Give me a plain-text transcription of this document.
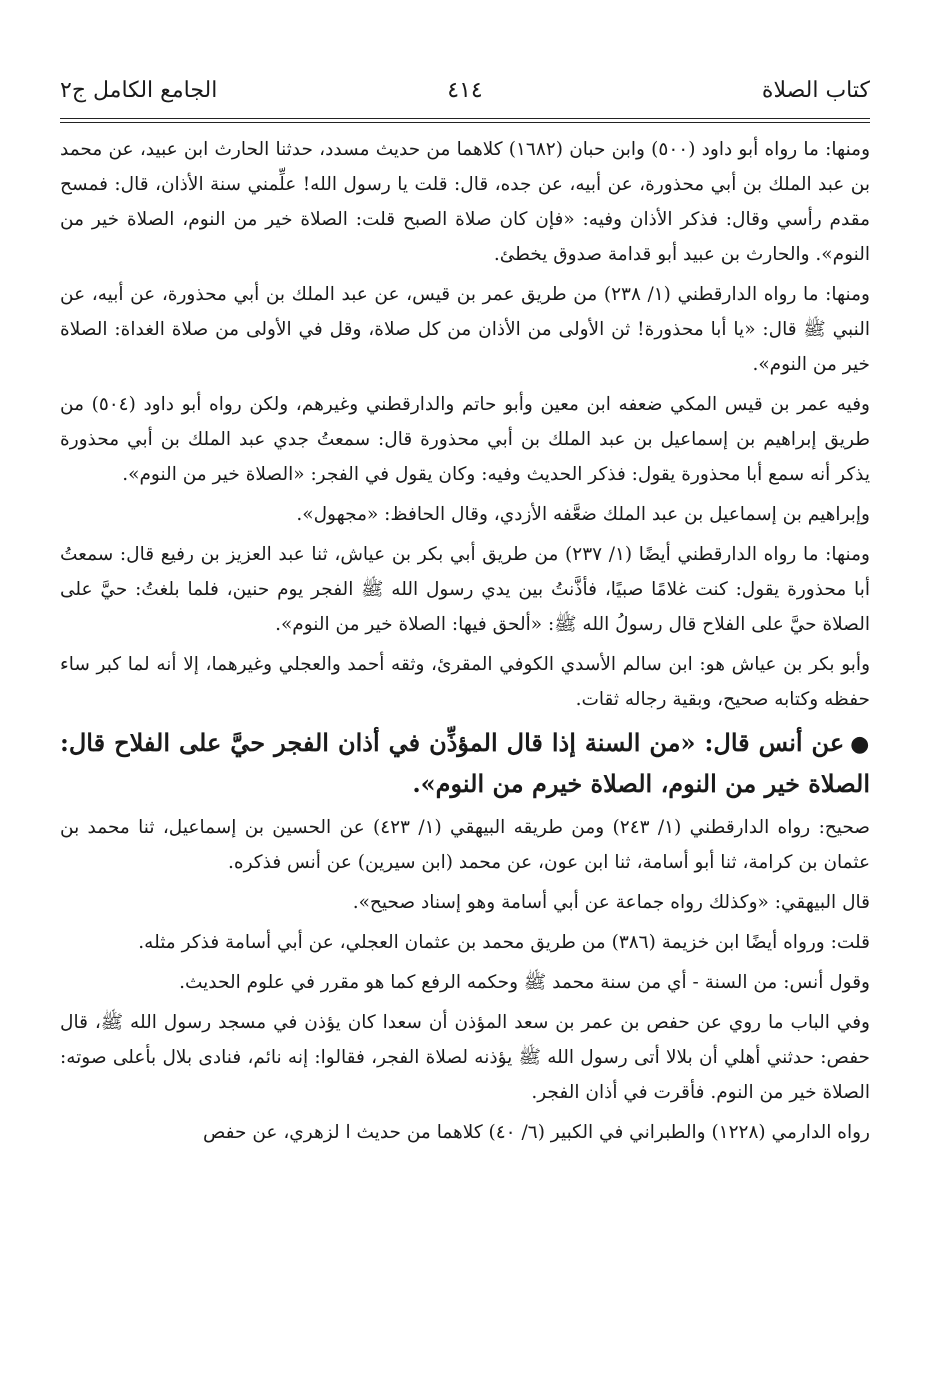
كتاب الصلاة
٤١٤
الجامع الكامل ج٢

ومنها: ما رواه أبو داود (٥٠٠) وابن حبان (١٦٨٢) كلاهما من حديث مسدد، حدثنا الحارث ابن عبيد، عن محمد بن عبد الملك بن أبي محذورة، عن أبيه، عن جده، قال: قلت يا رسول الله! علِّمني سنة الأذان، قال: فمسح مقدم رأسي وقال: فذكر الأذان وفيه: «فإن كان صلاة الصبح قلت: الصلاة خير من النوم، الصلاة خير من النوم». والحارث بن عبيد أبو قدامة صدوق يخطئ.

ومنها: ما رواه الدارقطني (١/ ٢٣٨) من طريق عمر بن قيس، عن عبد الملك بن أبي محذورة، عن أبيه، عن النبي ﷺ قال: «يا أبا محذورة! ثن الأولى من الأذان من كل صلاة، وقل في الأولى من صلاة الغداة: الصلاة خير من النوم».

وفيه عمر بن قيس المكي ضعفه ابن معين وأبو حاتم والدارقطني وغيرهم، ولكن رواه أبو داود (٥٠٤) من طريق إبراهيم بن إسماعيل بن عبد الملك بن أبي محذورة قال: سمعتُ جدي عبد الملك بن أبي محذورة يذكر أنه سمع أبا محذورة يقول: فذكر الحديث وفيه: وكان يقول في الفجر: «الصلاة خير من النوم».

وإبراهيم بن إسماعيل بن عبد الملك ضعَّفه الأزدي، وقال الحافظ: «مجهول».

ومنها: ما رواه الدارقطني أيضًا (١/ ٢٣٧) من طريق أبي بكر بن عياش، ثنا عبد العزيز بن رفيع قال: سمعتُ أبا محذورة يقول: كنت غلامًا صبيًا، فأذَّنتُ بين يدي رسول الله ﷺ الفجر يوم حنين، فلما بلغتُ: حيَّ على الصلاة حيَّ على الفلاح قال رسولُ الله ﷺ: «ألحق فيها: الصلاة خير من النوم».

وأبو بكر بن عياش هو: ابن سالم الأسدي الكوفي المقرئ، وثقه أحمد والعجلي وغيرهما، إلا أنه لما كبر ساء حفظه وكتابه صحيح، وبقية رجاله ثقات.

●عن أنس قال: «من السنة إذا قال المؤذِّن في أذان الفجر حيَّ على الفلاح قال: الصلاة خير من النوم، الصلاة خيرم من النوم».

صحيح: رواه الدارقطني (١/ ٢٤٣) ومن طريقه البيهقي (١/ ٤٢٣) عن الحسين بن إسماعيل، ثنا محمد بن عثمان بن كرامة، ثنا أبو أسامة، ثنا ابن عون، عن محمد (ابن سيرين) عن أنس فذكره.

قال البيهقي: «وكذلك رواه جماعة عن أبي أسامة وهو إسناد صحيح».

قلت: ورواه أيضًا ابن خزيمة (٣٨٦) من طريق محمد بن عثمان العجلي، عن أبي أسامة فذكر مثله.

وقول أنس: من السنة - أي من سنة محمد ﷺ وحكمه الرفع كما هو مقرر في علوم الحديث.

وفي الباب ما روي عن حفص بن عمر بن سعد المؤذن أن سعدا كان يؤذن في مسجد رسول الله ﷺ، قال حفص: حدثني أهلي أن بلالا أتى رسول الله ﷺ يؤذنه لصلاة الفجر، فقالوا: إنه نائم، فنادى بلال بأعلى صوته: الصلاة خير من النوم. فأقرت في أذان الفجر.

رواه الدارمي (١٢٢٨) والطبراني في الكبير (٦/ ٤٠) كلاهما من حديث ا لزهري، عن حفص
